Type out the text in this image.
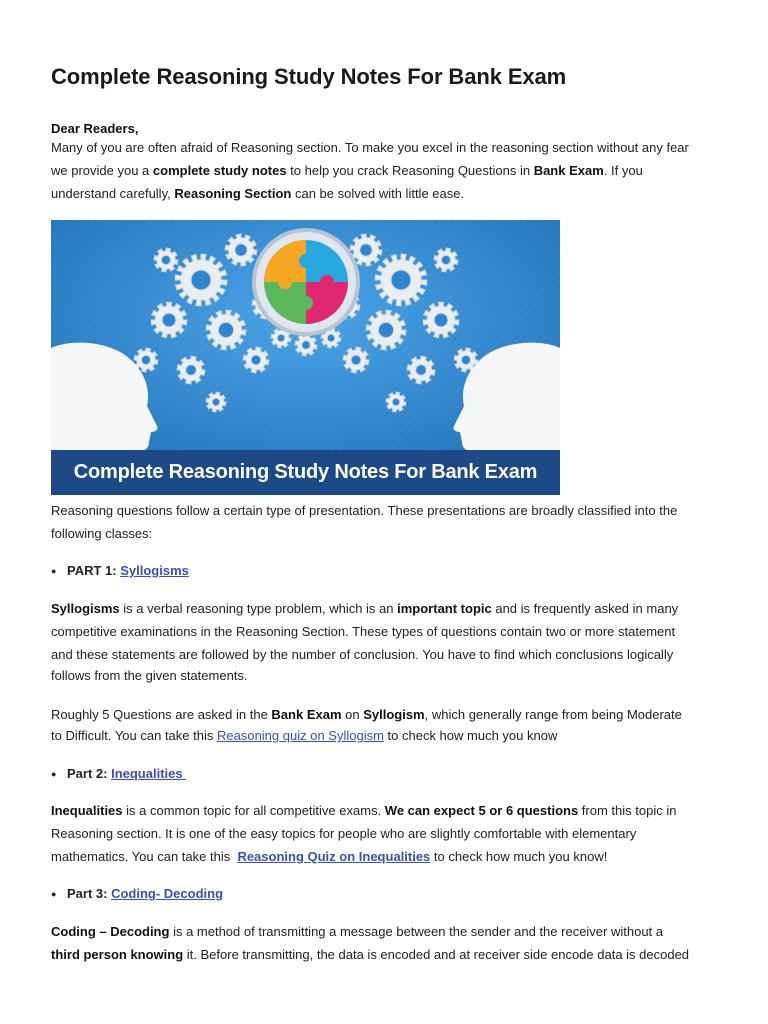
Complete Reasoning Study Notes For Bank Exam

Dear Readers,

Many of you are often afraid of Reasoning section. To make you excel in the reasoning section without any fear

we provide you a complete study notes to help you crack Reasoning Questions in Bank Exam. If you

understand carefully, Reasoning Section can be solved with little ease.

Complete Reasoning Study Notes For Bank Exam

Reasoning questions follow a certain type of presentation. These presentations are broadly classified into the

following classes:

● PART 1: Syllogisms

Syllogisms is a verbal reasoning type problem, which is an important topic and is frequently asked in many

competitive examinations in the Reasoning Section. These types of questions contain two or more statement

and these statements are followed by the number of conclusion. You have to find which conclusions logically

follows from the given statements.

Roughly 5 Questions are asked in the Bank Exam on Syllogism, which generally range from being Moderate

to Difficult. You can take this Reasoning quiz on Syllogism to check how much you know

● Part 2: Inequalities

Inequalities is a common topic for all competitive exams. We can expect 5 or 6 questions from this topic in

Reasoning section. It is one of the easy topics for people who are slightly comfortable with elementary

mathematics. You can take this  Reasoning Quiz on Inequalities to check how much you know!

● Part 3: Coding- Decoding

Coding – Decoding is a method of transmitting a message between the sender and the receiver without a

third person knowing it. Before transmitting, the data is encoded and at receiver side encode data is decoded
